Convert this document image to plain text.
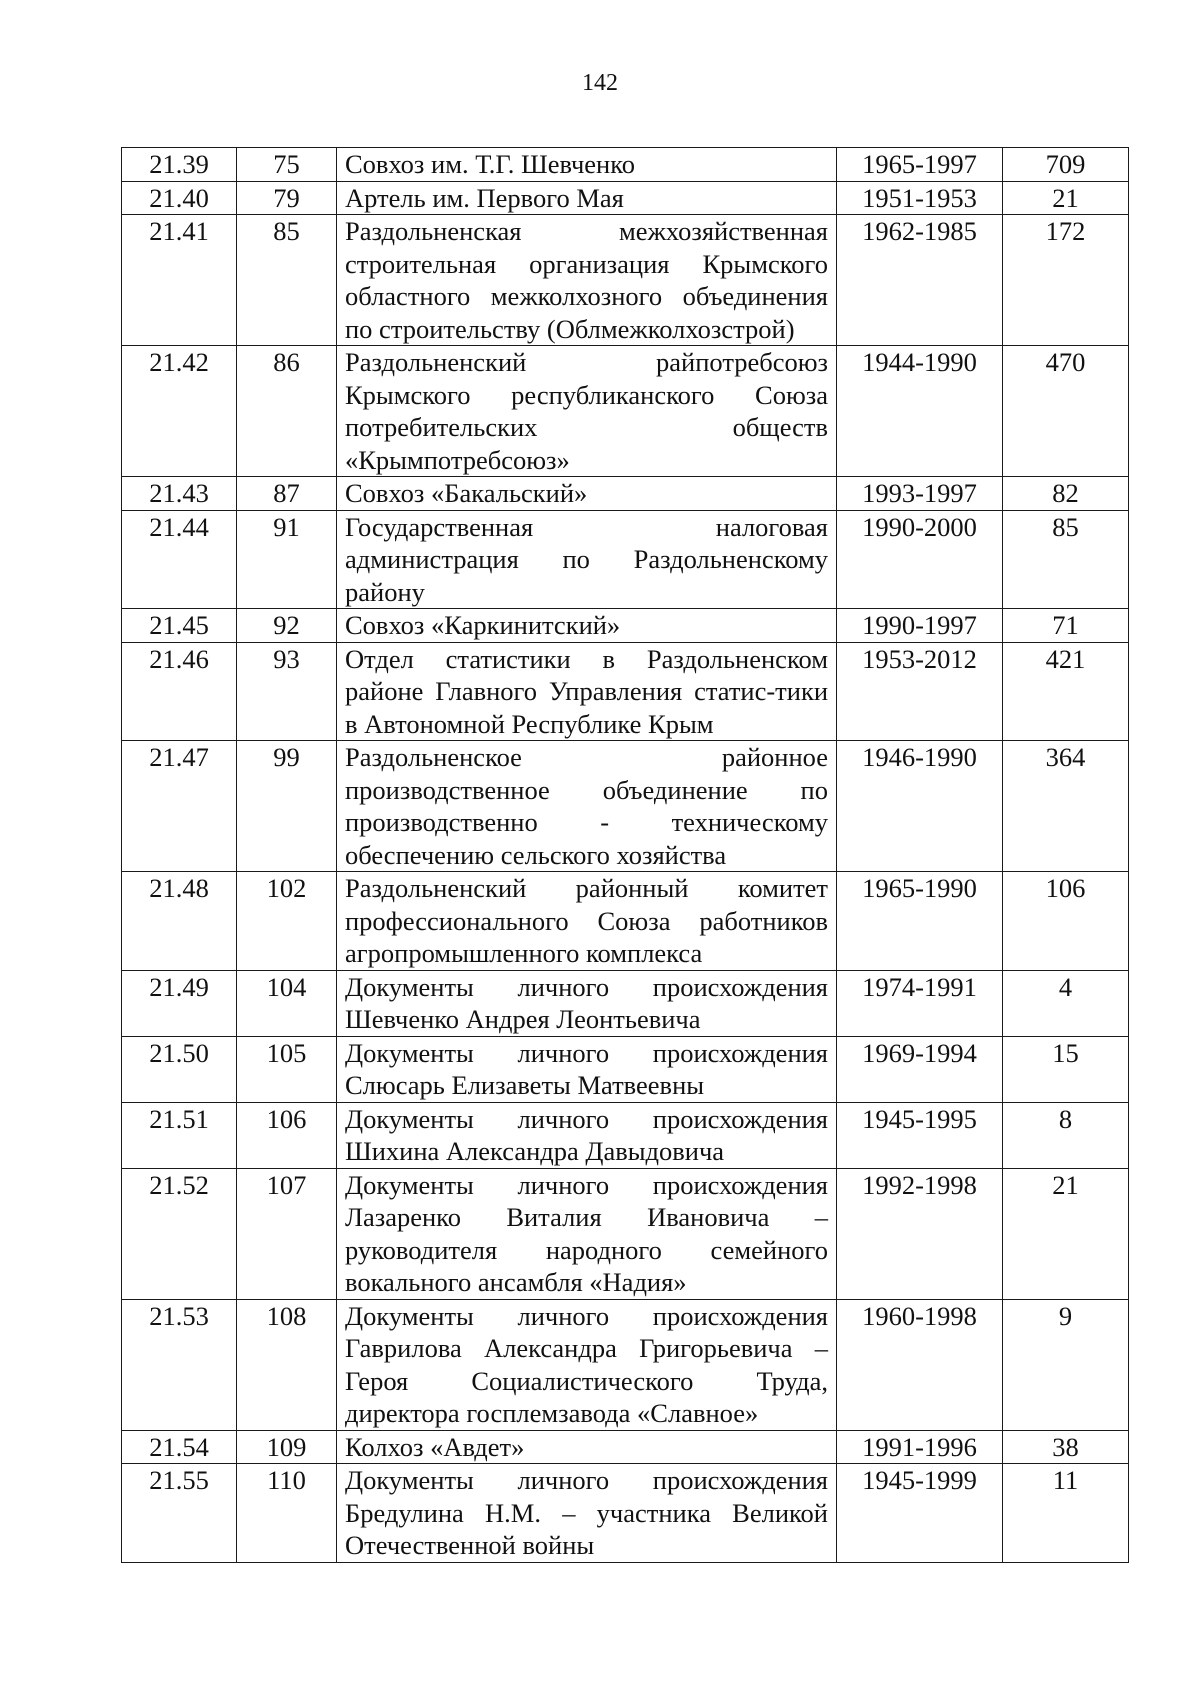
142
21.39	75	Совхоз им. Т.Г. Шевченко	1965-1997	709
21.40	79	Артель им. Первого Мая	1951-1953	21
21.41	85	Раздольненская межхозяйственная строительная организация Крымского областного межколхозного объединения по строительству (Облмежколхозстрой)	1962-1985	172
21.42	86	Раздольненский райпотребсоюз Крымского республиканского Союза потребительских обществ «Крымпотребсоюз»	1944-1990	470
21.43	87	Совхоз «Бакальский»	1993-1997	82
21.44	91	Государственная налоговая администрация по Раздольненскому району	1990-2000	85
21.45	92	Совхоз «Каркинитский»	1990-1997	71
21.46	93	Отдел статистики в Раздольненском районе Главного Управления статис-тики в Автономной Республике Крым	1953-2012	421
21.47	99	Раздольненское районное производственное объединение по производственно - техническому обеспечению сельского хозяйства	1946-1990	364
21.48	102	Раздольненский районный комитет профессионального Союза работников агропромышленного комплекса	1965-1990	106
21.49	104	Документы личного происхождения Шевченко Андрея Леонтьевича	1974-1991	4
21.50	105	Документы личного происхождения Слюсарь Елизаветы Матвеевны	1969-1994	15
21.51	106	Документы личного происхождения Шихина Александра Давыдовича	1945-1995	8
21.52	107	Документы личного происхождения Лазаренко Виталия Ивановича – руководителя народного семейного вокального ансамбля «Надия»	1992-1998	21
21.53	108	Документы личного происхождения Гаврилова Александра Григорьевича – Героя Социалистического Труда, директора госплемзавода «Славное»	1960-1998	9
21.54	109	Колхоз «Авдет»	1991-1996	38
21.55	110	Документы личного происхождения Бредулина Н.М. – участника Великой Отечественной войны	1945-1999	11
